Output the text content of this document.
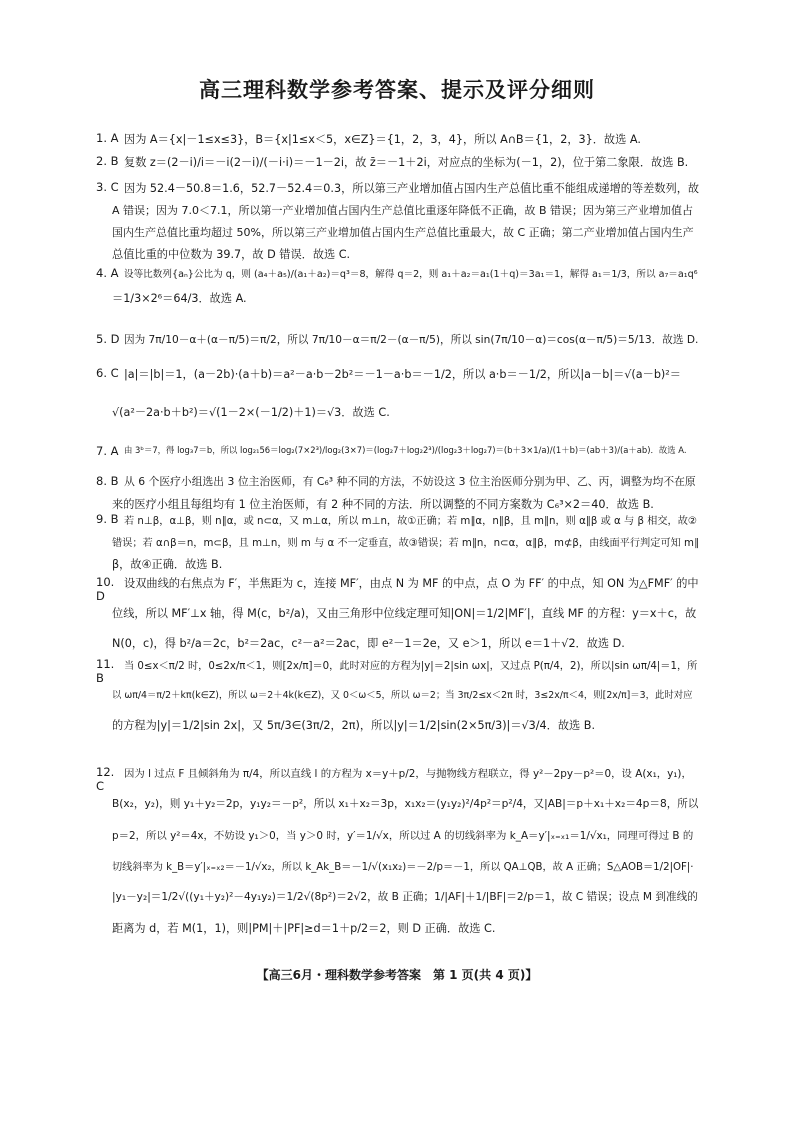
高三理科数学参考答案、提示及评分细则
1. A 因为 A＝{x|－1≤x≤3}，B＝{x|1≤x＜5，x∈Z}＝{1，2，3，4}，所以 A∩B＝{1，2，3}．故选 A.
2. B 复数 z＝(2－i)/i＝－i(2－i)/(－i·i)＝－1－2i，故 z̄＝－1＋2i，对应点的坐标为(－1，2)，位于第二象限．故选 B.
3. C 因为 52.4－50.8＝1.6，52.7－52.4＝0.3，所以第三产业增加值占国内生产总值比重不能组成递增的等差数列，故
A 错误；因为 7.0＜7.1，所以第一产业增加值占国内生产总值比重逐年降低不正确，故 B 错误；因为第三产业增加值占
国内生产总值比重均超过 50%，所以第三产业增加值占国内生产总值比重最大，故 C 正确；第二产业增加值占国内生产
总值比重的中位数为 39.7，故 D 错误．故选 C.
4. A 设等比数列{aₙ}公比为 q，则 (a₄＋a₅)/(a₁＋a₂)＝q³＝8，解得 q＝2，则 a₁＋a₂＝a₁(1＋q)＝3a₁＝1，解得 a₁＝1/3，所以 a₇＝a₁q⁶
＝1/3×2⁶＝64/3．故选 A.
5. D 因为 7π/10－α＋(α－π/5)＝π/2，所以 7π/10－α＝π/2－(α－π/5)，所以 sin(7π/10－α)＝cos(α－π/5)＝5/13．故选 D.
6. C |a|＝|b|＝1，(a－2b)·(a＋b)＝a²－a·b－2b²＝－1－a·b＝－1/2，所以 a·b＝－1/2，所以|a－b|＝√(a－b)²＝
√(a²－2a·b＋b²)＝√(1－2×(－1/2)＋1)＝√3．故选 C.
7. A 由 3ᵇ＝7，得 log₃7＝b，所以 log₂₁56＝log₂(7×2³)/log₂(3×7)＝(log₂7＋log₂2³)/(log₂3＋log₂7)＝(b＋3×1/a)/(1＋b)＝(ab＋3)/(a＋ab)．故选 A.
8. B 从 6 个医疗小组选出 3 位主治医师，有 C₆³ 种不同的方法，不妨设这 3 位主治医师分别为甲、乙、丙，调整为均不在原
来的医疗小组且每组均有 1 位主治医师，有 2 种不同的方法．所以调整的不同方案数为 C₆³×2＝40．故选 B.
9. B 若 n⊥β，α⊥β，则 n∥α，或 n⊂α，又 m⊥α，所以 m⊥n，故①正确；若 m∥α，n∥β，且 m∥n，则 α∥β 或 α 与 β 相交，故②
错误；若 α∩β＝n，m⊂β，且 m⊥n，则 m 与 α 不一定垂直，故③错误；若 m∥n，n⊂α，α∥β，m⊄β，由线面平行判定可知 m∥
β，故④正确．故选 B.
10. D
设双曲线的右焦点为 F′，半焦距为 c，连接 MF′，由点 N 为 MF 的中点，点 O 为 FF′ 的中点，知 ON 为△FMF′ 的中
位线，所以 MF′⊥x 轴，得 M(c，b²/a)，又由三角形中位线定理可知|ON|＝1/2|MF′|，直线 MF 的方程：y＝x＋c，故
N(0，c)，得 b²/a＝2c，b²＝2ac，c²－a²＝2ac，即 e²－1＝2e，又 e＞1，所以 e＝1＋√2．故选 D.
11. B
当 0≤x＜π/2 时，0≤2x/π＜1，则[2x/π]＝0，此时对应的方程为|y|＝2|sin ωx|，又过点 P(π/4，2)，所以|sin ωπ/4|＝1，所
以 ωπ/4＝π/2＋kπ(k∈Z)，所以 ω＝2＋4k(k∈Z)，又 0＜ω＜5，所以 ω＝2；当 3π/2≤x＜2π 时，3≤2x/π＜4，则[2x/π]＝3，此时对应
的方程为|y|＝1/2|sin 2x|，又 5π/3∈(3π/2，2π)，所以|y|＝1/2|sin(2×5π/3)|＝√3/4．故选 B.
12. C
因为 l 过点 F 且倾斜角为 π/4，所以直线 l 的方程为 x＝y＋p/2，与抛物线方程联立，得 y²－2py－p²＝0，设 A(x₁，y₁)，
B(x₂，y₂)，则 y₁＋y₂＝2p，y₁y₂＝－p²，所以 x₁＋x₂＝3p，x₁x₂＝(y₁y₂)²/4p²＝p²/4，又|AB|＝p＋x₁＋x₂＝4p＝8，所以
p＝2，所以 y²＝4x，不妨设 y₁＞0，当 y＞0 时，y′＝1/√x，所以过 A 的切线斜率为 k_A＝y′|ₓ₌ₓ₁＝1/√x₁，同理可得过 B 的
切线斜率为 k_B＝y′|ₓ₌ₓ₂＝－1/√x₂，所以 k_Ak_B＝－1/√(x₁x₂)＝－2/p＝－1，所以 QA⊥QB，故 A 正确；S△AOB＝1/2|OF|·
|y₁－y₂|＝1/2√((y₁＋y₂)²－4y₁y₂)＝1/2√(8p²)＝2√2，故 B 正确；1/|AF|＋1/|BF|＝2/p＝1，故 C 错误；设点 M 到准线的
距离为 d，若 M(1，1)，则|PM|＋|PF|≥d＝1＋p/2＝2，则 D 正确．故选 C.
【高三6月・理科数学参考答案　第 1 页(共 4 页)】
